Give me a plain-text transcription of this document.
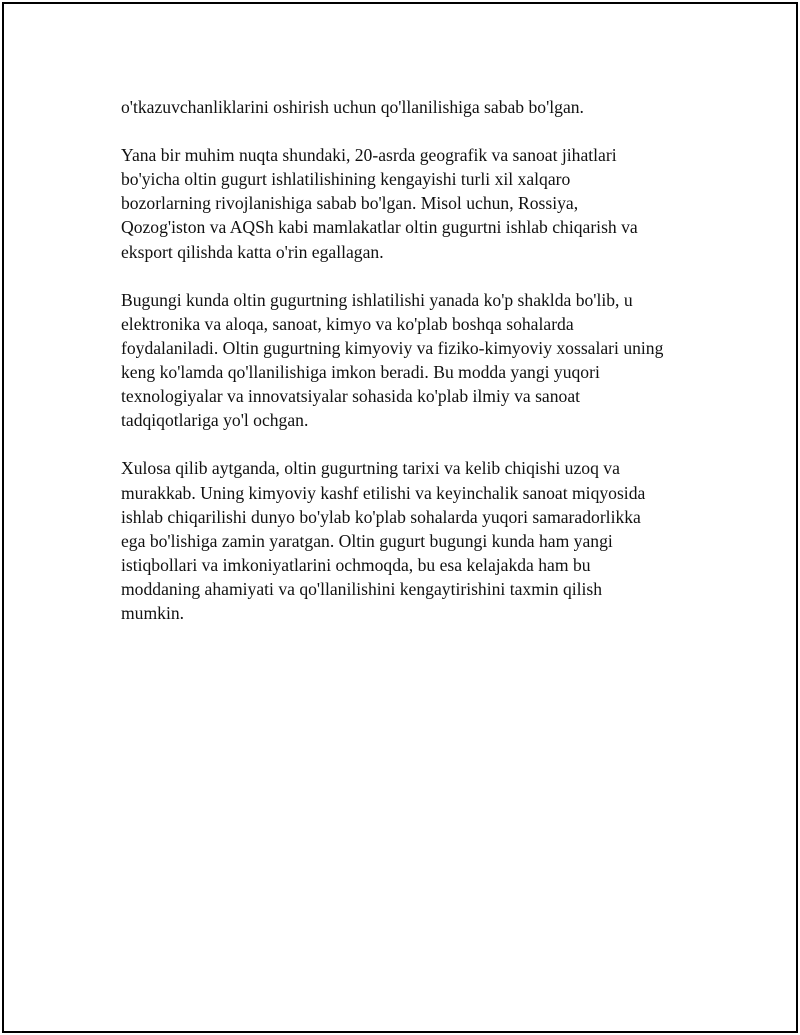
o'tkazuvchanliklarini oshirish uchun qo'llanilishiga sabab bo'lgan.

Yana bir muhim nuqta shundaki, 20-asrda geografik va sanoat jihatlari
bo'yicha oltin gugurt ishlatilishining kengayishi turli xil xalqaro
bozorlarning rivojlanishiga sabab bo'lgan. Misol uchun, Rossiya,
Qozog'iston va AQSh kabi mamlakatlar oltin gugurtni ishlab chiqarish va
eksport qilishda katta o'rin egallagan.

Bugungi kunda oltin gugurtning ishlatilishi yanada ko'p shaklda bo'lib, u
elektronika va aloqa, sanoat, kimyo va ko'plab boshqa sohalarda
foydalaniladi. Oltin gugurtning kimyoviy va fiziko-kimyoviy xossalari uning
keng ko'lamda qo'llanilishiga imkon beradi. Bu modda yangi yuqori
texnologiyalar va innovatsiyalar sohasida ko'plab ilmiy va sanoat
tadqiqotlariga yo'l ochgan.

Xulosa qilib aytganda, oltin gugurtning tarixi va kelib chiqishi uzoq va
murakkab. Uning kimyoviy kashf etilishi va keyinchalik sanoat miqyosida
ishlab chiqarilishi dunyo bo'ylab ko'plab sohalarda yuqori samaradorlikka
ega bo'lishiga zamin yaratgan. Oltin gugurt bugungi kunda ham yangi
istiqbollari va imkoniyatlarini ochmoqda, bu esa kelajakda ham bu
moddaning ahamiyati va qo'llanilishini kengaytirishini taxmin qilish
mumkin.
